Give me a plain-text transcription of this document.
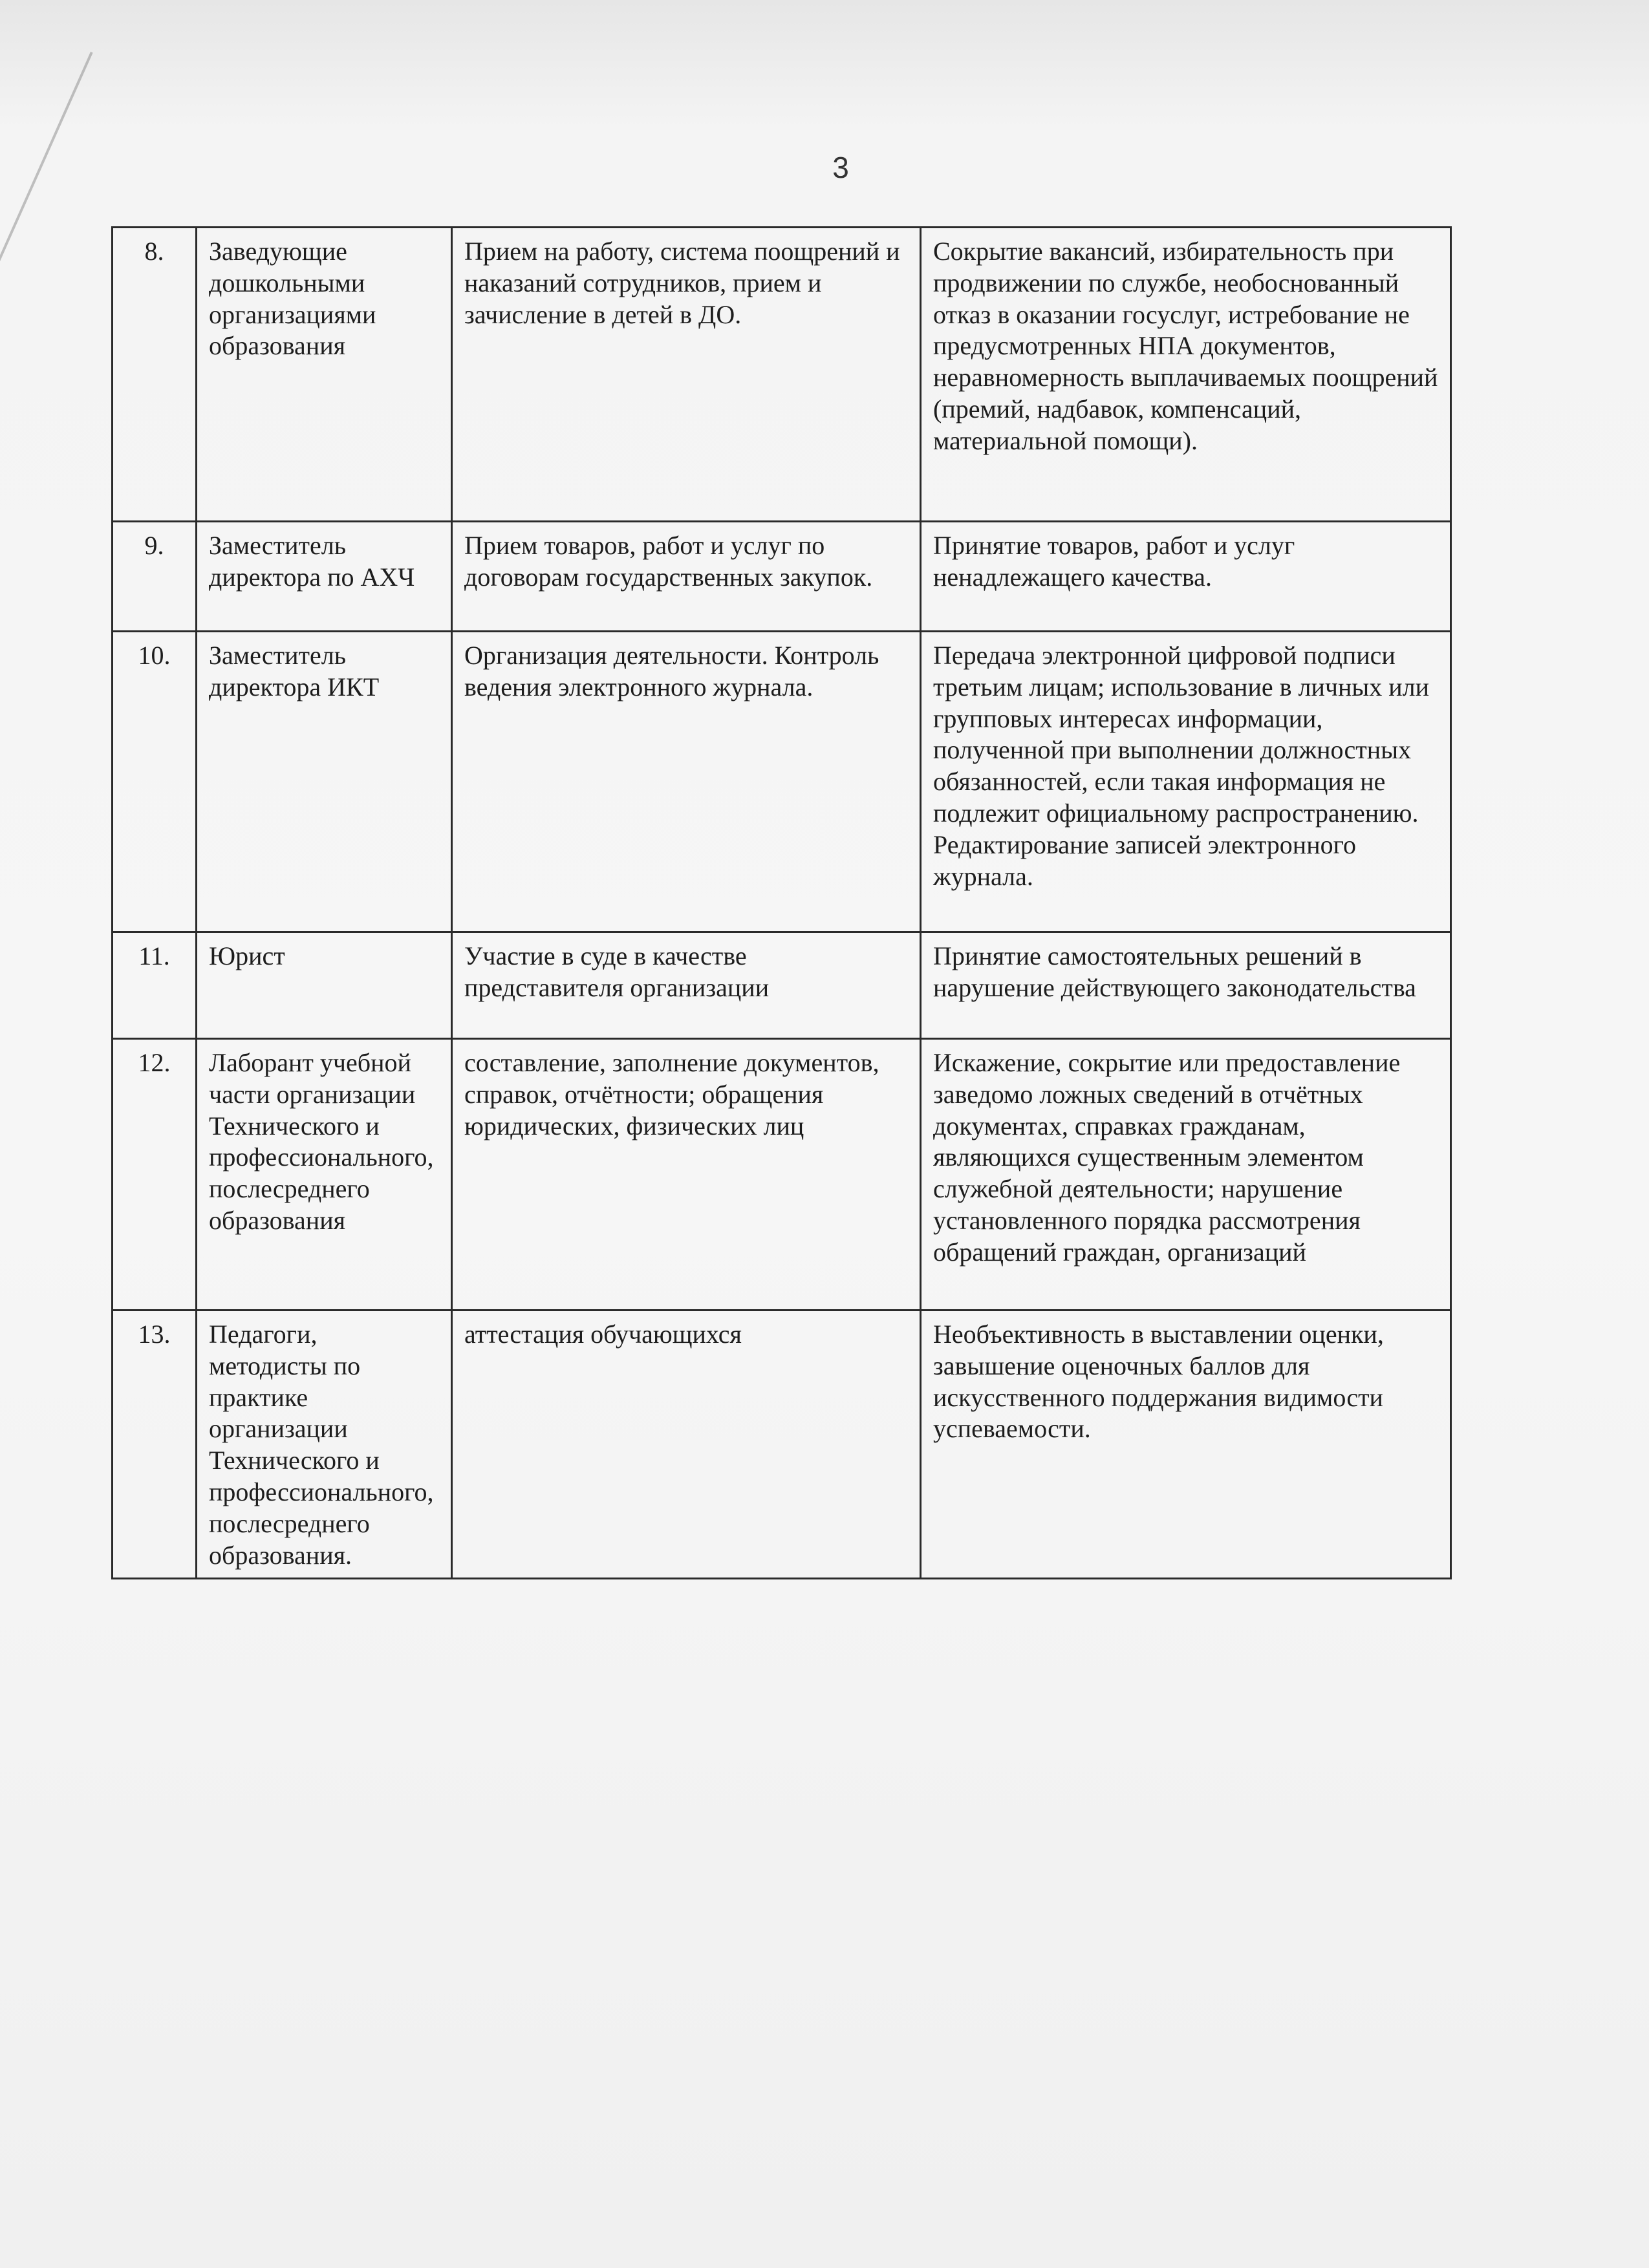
3
8.	Заведующие дошкольными организациями образования	Прием на работу, система поощрений и наказаний сотрудников, прием и зачисление в детей в ДО.	Сокрытие вакансий, избирательность при продвижении по службе, необоснованный отказ в оказании госуслуг, истребование не предусмотренных НПА документов, неравномерность выплачиваемых поощрений (премий, надбавок, компенсаций, материальной помощи).
9.	Заместитель директора по АХЧ	Прием товаров, работ и услуг по договорам государственных закупок.	Принятие товаров, работ и услуг ненадлежащего качества.
10.	Заместитель директора ИКТ	Организация деятельности. Контроль ведения электронного журнала.	Передача электронной цифровой подписи третьим лицам; использование в личных или групповых интересах информации, полученной при выполнении должностных обязанностей, если такая информация не подлежит официальному распространению. Редактирование записей электронного журнала.
11.	Юрист	Участие в суде в качестве представителя организации	Принятие самостоятельных решений в нарушение действующего законодательства
12.	Лаборант учебной части организации Технического и профессионального, послесреднего образования	составление, заполнение документов, справок, отчётности; обращения юридических, физических лиц	Искажение, сокрытие или предоставление заведомо ложных сведений в отчётных документах, справках гражданам, являющихся существенным элементом служебной деятельности; нарушение установленного порядка рассмотрения обращений граждан, организаций
13.	Педагоги, методисты по практике организации Технического и профессионального, послесреднего образования.	аттестация обучающихся	Необъективность в выставлении оценки, завышение оценочных баллов для искусственного поддержания видимости успеваемости.
